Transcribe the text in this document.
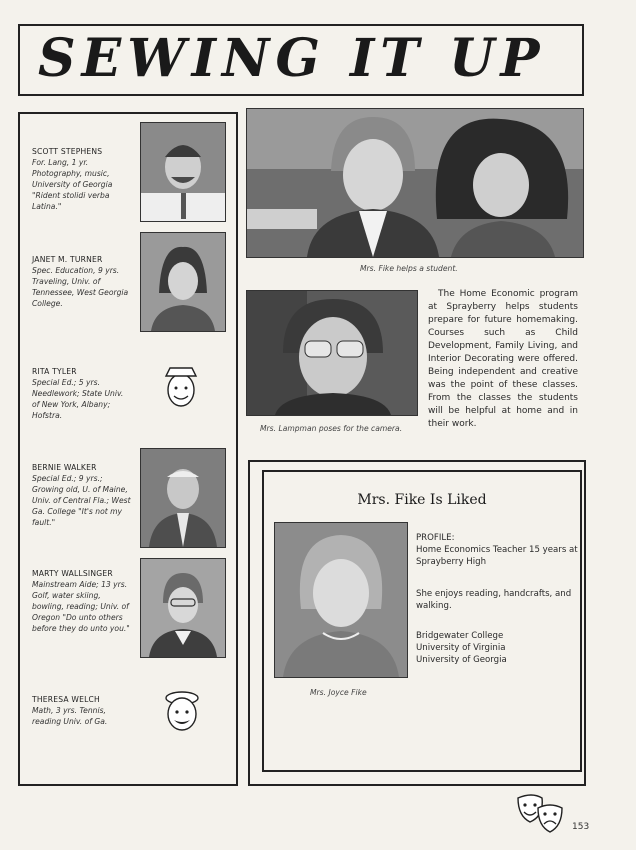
SEWING IT UP
SCOTT STEPHENS
For. Lang, 1 yr. Photography, music, University of Georgia "Rident stolidi verba Latina."
JANET M. TURNER
Spec. Education, 9 yrs. Traveling, Univ. of Tennessee, West Georgia College.
RITA TYLER
Special Ed.; 5 yrs. Needlework; State Univ. of New York, Albany; Hofstra.
BERNIE WALKER
Special Ed.; 9 yrs.; Growing old, U. of Maine, Univ. of Central Fla.; West Ga. College "It's not my fault."
MARTY WALLSINGER
Mainstream Aide; 13 yrs. Golf, water skiing, bowling, reading; Univ. of Oregon "Do unto others before they do unto you."
THERESA WELCH
Math, 3 yrs. Tennis, reading Univ. of Ga.
Mrs. Fike helps a student.
Mrs. Lampman poses for the camera.
The Home Economic program at Sprayberry helps students prepare for future homemaking. Courses such as Child Development, Family Living, and Interior Decorating were offered. Being independent and creative was the point of these classes. From the classes the students will be helpful at home and in their work.
Mrs. Fike Is Liked
Mrs. Joyce Fike
PROFILE:
Home Economics Teacher 15 years at Sprayberry High
She enjoys reading, handcrafts, and walking.
Bridgewater College
University of Virginia
University of Georgia
153
